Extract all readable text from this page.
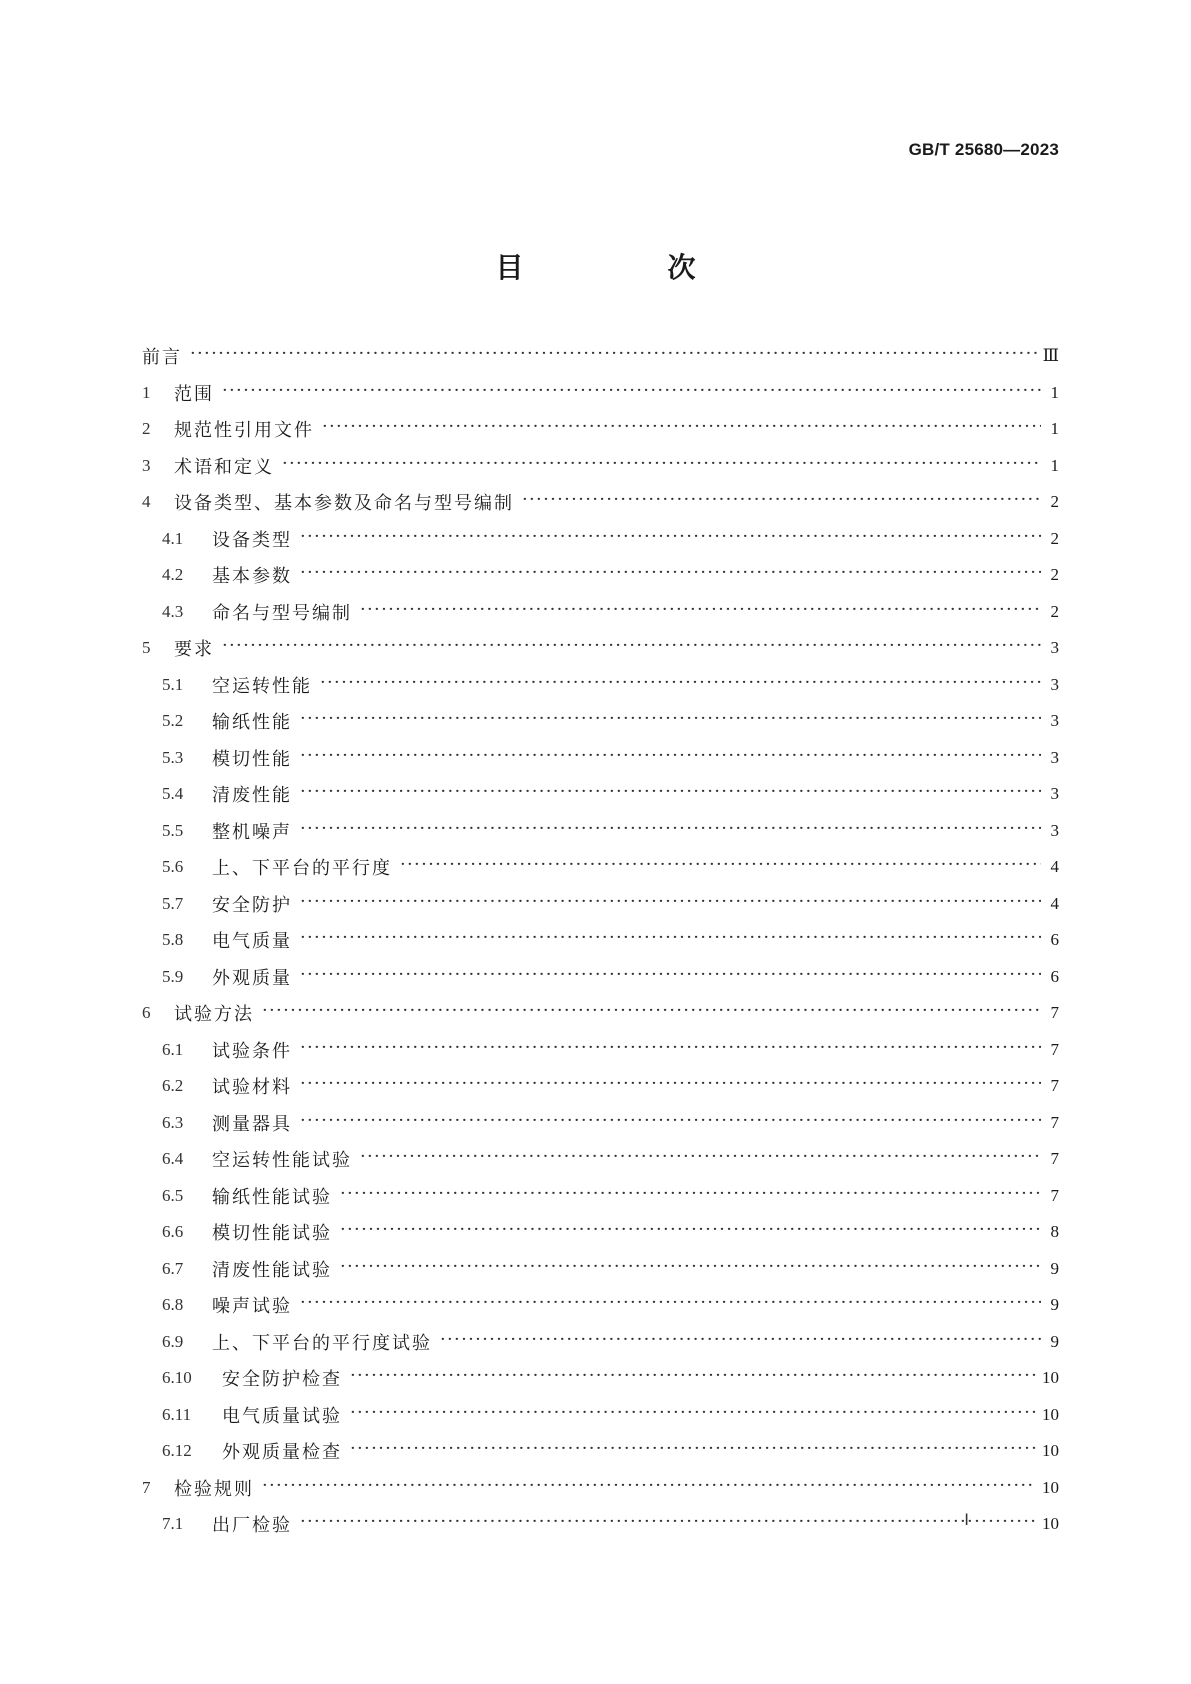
GB/T 25680—2023
目　次
前言 ·····	Ⅲ
1	范围 ·····	1
2	规范性引用文件 ·····	1
3	术语和定义 ·····	1
4	设备类型、基本参数及命名与型号编制 ·····	2
4.1	设备类型 ·····	2
4.2	基本参数 ·····	2
4.3	命名与型号编制 ·····	2
5	要求 ·····	3
5.1	空运转性能 ·····	3
5.2	输纸性能 ·····	3
5.3	模切性能 ·····	3
5.4	清废性能 ·····	3
5.5	整机噪声 ·····	3
5.6	上、下平台的平行度 ·····	4
5.7	安全防护 ·····	4
5.8	电气质量 ·····	6
5.9	外观质量 ·····	6
6	试验方法 ·····	7
6.1	试验条件 ·····	7
6.2	试验材料 ·····	7
6.3	测量器具 ·····	7
6.4	空运转性能试验 ·····	7
6.5	输纸性能试验 ·····	7
6.6	模切性能试验 ·····	8
6.7	清废性能试验 ·····	9
6.8	噪声试验 ·····	9
6.9	上、下平台的平行度试验 ·····	9
6.10	安全防护检查 ·····	10
6.11	电气质量试验 ·····	10
6.12	外观质量检查 ·····	10
7	检验规则 ·····	10
7.1	出厂检验 ·····	10
Ⅰ
